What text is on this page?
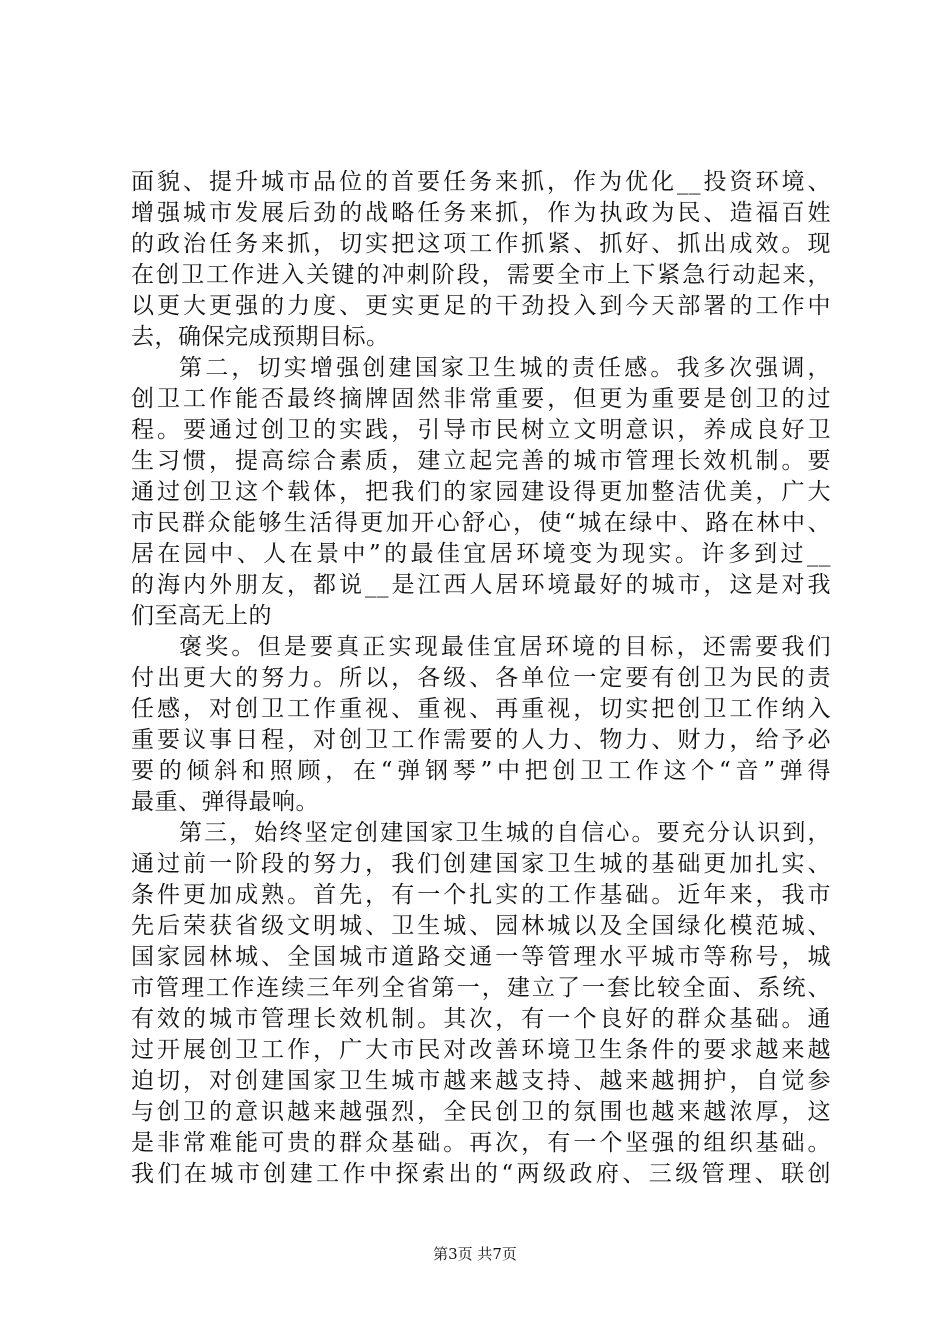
面貌、提升城市品位的首要任务来抓，作为优化__投资环境、
增强城市发展后劲的战略任务来抓，作为执政为民、造福百姓
的政治任务来抓，切实把这项工作抓紧、抓好、抓出成效。现
在创卫工作进入关键的冲刺阶段，需要全市上下紧急行动起来，
以更大更强的力度、更实更足的干劲投入到今天部署的工作中
去，确保完成预期目标。
第二，切实增强创建国家卫生城的责任感。我多次强调，
创卫工作能否最终摘牌固然非常重要，但更为重要是创卫的过
程。要通过创卫的实践，引导市民树立文明意识，养成良好卫
生习惯，提高综合素质，建立起完善的城市管理长效机制。要
通过创卫这个载体，把我们的家园建设得更加整洁优美，广大
市民群众能够生活得更加开心舒心，使“城在绿中、路在林中、
居在园中、人在景中”的最佳宜居环境变为现实。许多到过__
的海内外朋友，都说__是江西人居环境最好的城市，这是对我
们至高无上的
褒奖。但是要真正实现最佳宜居环境的目标，还需要我们
付出更大的努力。所以，各级、各单位一定要有创卫为民的责
任感，对创卫工作重视、重视、再重视，切实把创卫工作纳入
重要议事日程，对创卫工作需要的人力、物力、财力，给予必
要的倾斜和照顾，在“弹钢琴”中把创卫工作这个“音”弹得
最重、弹得最响。
第三，始终坚定创建国家卫生城的自信心。要充分认识到，
通过前一阶段的努力，我们创建国家卫生城的基础更加扎实、
条件更加成熟。首先，有一个扎实的工作基础。近年来，我市
先后荣获省级文明城、卫生城、园林城以及全国绿化模范城、
国家园林城、全国城市道路交通一等管理水平城市等称号，城
市管理工作连续三年列全省第一，建立了一套比较全面、系统、
有效的城市管理长效机制。其次，有一个良好的群众基础。通
过开展创卫工作，广大市民对改善环境卫生条件的要求越来越
迫切，对创建国家卫生城市越来越支持、越来越拥护，自觉参
与创卫的意识越来越强烈，全民创卫的氛围也越来越浓厚，这
是非常难能可贵的群众基础。再次，有一个坚强的组织基础。
我们在城市创建工作中探索出的“两级政府、三级管理、联创
第3页 共7页
